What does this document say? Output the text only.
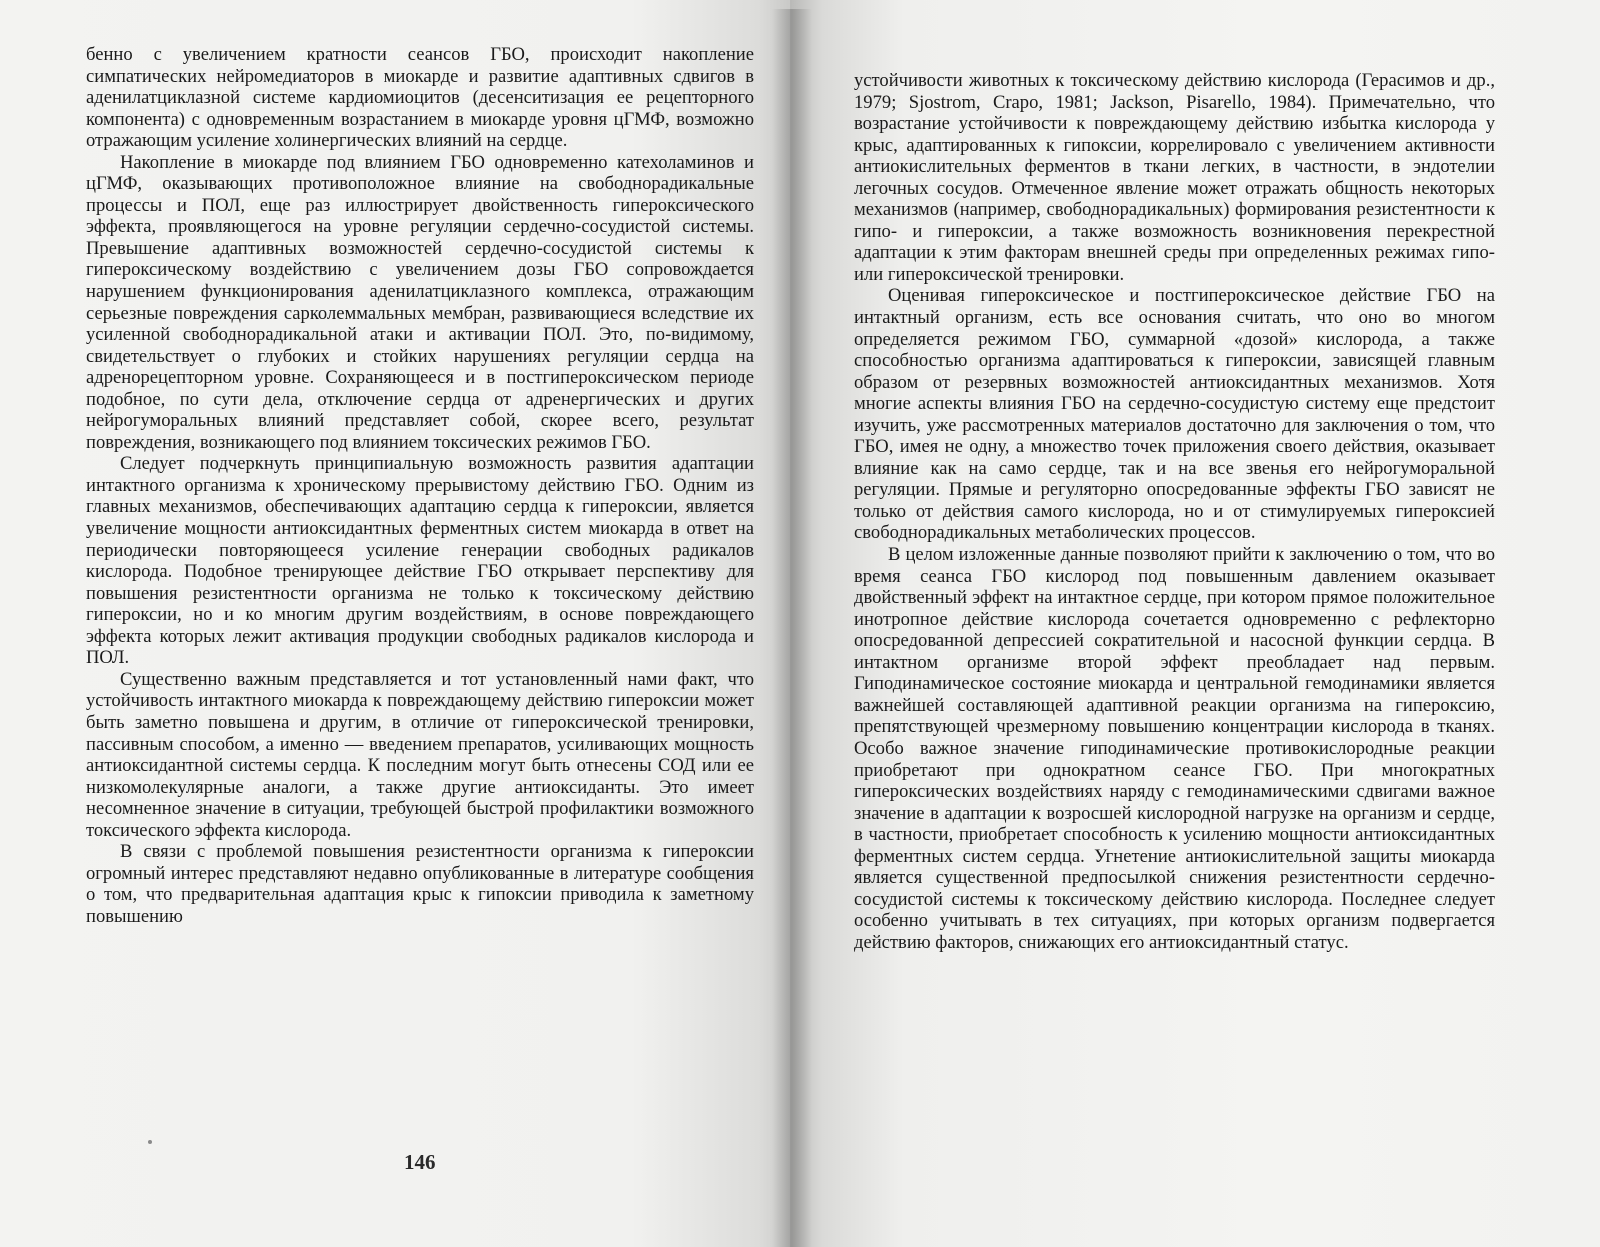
бенно с увеличением кратности сеансов ГБО, происходит накопление симпатических нейромедиаторов в миокарде и развитие адаптивных сдвигов в аденилатциклазной системе кардиомиоцитов (десенситизация ее рецепторного компонента) с одновременным возрастанием в миокарде уровня цГМФ, возможно отражающим усиление холинергических влияний на сердце.

Накопление в миокарде под влиянием ГБО одновременно катехоламинов и цГМФ, оказывающих противоположное влияние на свободнорадикальные процессы и ПОЛ, еще раз иллюстрирует двойственность гипероксического эффекта, проявляющегося на уровне регуляции сердечно-сосудистой системы. Превышение адаптивных возможностей сердечно-сосудистой системы к гипероксическому воздействию с увеличением дозы ГБО сопровождается нарушением функционирования аденилатциклазного комплекса, отражающим серьезные повреждения сарколеммальных мембран, развивающиеся вследствие их усиленной свободнорадикальной атаки и активации ПОЛ. Это, по-видимому, свидетельствует о глубоких и стойких нарушениях регуляции сердца на адренорецепторном уровне. Сохраняющееся и в постгипероксическом периоде подобное, по сути дела, отключение сердца от адренергических и других нейрогуморальных влияний представляет собой, скорее всего, результат повреждения, возникающего под влиянием токсических режимов ГБО.

Следует подчеркнуть принципиальную возможность развития адаптации интактного организма к хроническому прерывистому действию ГБО. Одним из главных механизмов, обеспечивающих адаптацию сердца к гипероксии, является увеличение мощности антиоксидантных ферментных систем миокарда в ответ на периодически повторяющееся усиление генерации свободных радикалов кислорода. Подобное тренирующее действие ГБО открывает перспективу для повышения резистентности организма не только к токсическому действию гипероксии, но и ко многим другим воздействиям, в основе повреждающего эффекта которых лежит активация продукции свободных радикалов кислорода и ПОЛ.

Существенно важным представляется и тот установленный нами факт, что устойчивость интактного миокарда к повреждающему действию гипероксии может быть заметно повышена и другим, в отличие от гипероксической тренировки, пассивным способом, а именно — введением препаратов, усиливающих мощность антиоксидантной системы сердца. К последним могут быть отнесены СОД или ее низкомолекулярные аналоги, а также другие антиоксиданты. Это имеет несомненное значение в ситуации, требующей быстрой профилактики возможного токсического эффекта кислорода.

В связи с проблемой повышения резистентности организма к гипероксии огромный интерес представляют недавно опубликованные в литературе сообщения о том, что предварительная адаптация крыс к гипоксии приводила к заметному повышению

146

устойчивости животных к токсическому действию кислорода (Герасимов и др., 1979; Sjostrom, Crapo, 1981; Jackson, Pisarello, 1984). Примечательно, что возрастание устойчивости к повреждающему действию избытка кислорода у крыс, адаптированных к гипоксии, коррелировало с увеличением активности антиокислительных ферментов в ткани легких, в частности, в эндотелии легочных сосудов. Отмеченное явление может отражать общность некоторых механизмов (например, свободнорадикальных) формирования резистентности к гипо- и гипероксии, а также возможность возникновения перекрестной адаптации к этим факторам внешней среды при определенных режимах гипо- или гипероксической тренировки.

Оценивая гипероксическое и постгипероксическое действие ГБО на интактный организм, есть все основания считать, что оно во многом определяется режимом ГБО, суммарной «дозой» кислорода, а также способностью организма адаптироваться к гипероксии, зависящей главным образом от резервных возможностей антиоксидантных механизмов. Хотя многие аспекты влияния ГБО на сердечно-сосудистую систему еще предстоит изучить, уже рассмотренных материалов достаточно для заключения о том, что ГБО, имея не одну, а множество точек приложения своего действия, оказывает влияние как на само сердце, так и на все звенья его нейрогуморальной регуляции. Прямые и регуляторно опосредованные эффекты ГБО зависят не только от действия самого кислорода, но и от стимулируемых гипероксией свободнорадикальных метаболических процессов.

В целом изложенные данные позволяют прийти к заключению о том, что во время сеанса ГБО кислород под повышенным давлением оказывает двойственный эффект на интактное сердце, при котором прямое положительное инотропное действие кислорода сочетается одновременно с рефлекторно опосредованной депрессией сократительной и насосной функции сердца. В интактном организме второй эффект преобладает над первым. Гиподинамическое состояние миокарда и центральной гемодинамики является важнейшей составляющей адаптивной реакции организма на гипероксию, препятствующей чрезмерному повышению концентрации кислорода в тканях. Особо важное значение гиподинамические противокислородные реакции приобретают при однократном сеансе ГБО. При многократных гипероксических воздействиях наряду с гемодинамическими сдвигами важное значение в адаптации к возросшей кислородной нагрузке на организм и сердце, в частности, приобретает способность к усилению мощности антиоксидантных ферментных систем сердца. Угнетение антиокислительной защиты миокарда является существенной предпосылкой снижения резистентности сердечно-сосудистой системы к токсическому действию кислорода. Последнее следует особенно учитывать в тех ситуациях, при которых организм подвергается действию факторов, снижающих его антиоксидантный статус.
